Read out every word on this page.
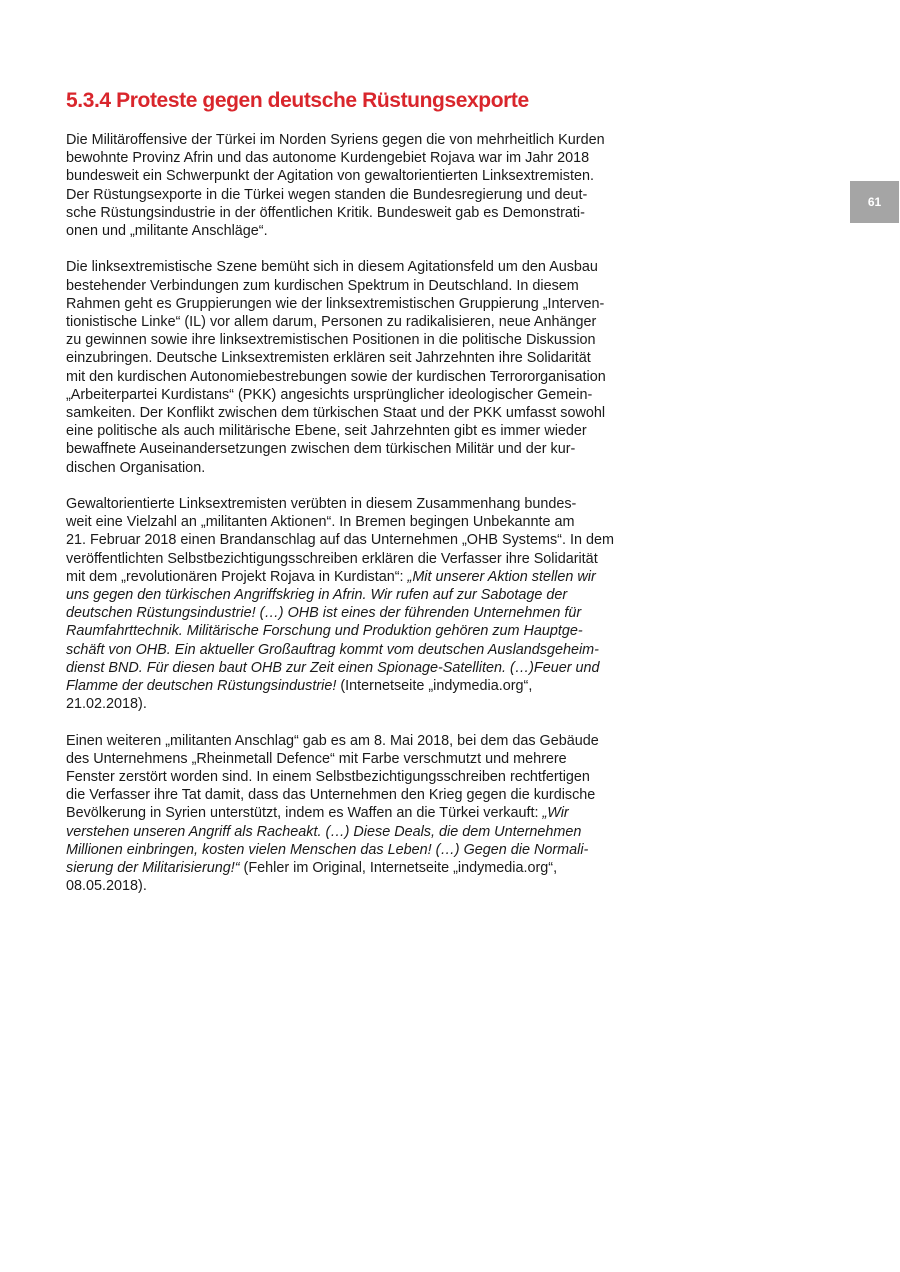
5.3.4 Proteste gegen deutsche Rüstungsexporte

Die Militäroffensive der Türkei im Norden Syriens gegen die von mehrheitlich Kurden
bewohnte Provinz Afrin und das autonome Kurdengebiet Rojava war im Jahr 2018
bundesweit ein Schwerpunkt der Agitation von gewaltorientierten Linksextremisten.
Der Rüstungsexporte in die Türkei wegen standen die Bundesregierung und deut-
sche Rüstungsindustrie in der öffentlichen Kritik. Bundesweit gab es Demonstrati-
onen und „militante Anschläge“.

Die linksextremistische Szene bemüht sich in diesem Agitationsfeld um den Ausbau
bestehender Verbindungen zum kurdischen Spektrum in Deutschland. In diesem
Rahmen geht es Gruppierungen wie der linksextremistischen Gruppierung „Interven-
tionistische Linke“ (IL) vor allem darum, Personen zu radikalisieren, neue Anhänger
zu gewinnen sowie ihre linksextremistischen Positionen in die politische Diskussion
einzubringen. Deutsche Linksextremisten erklären seit Jahrzehnten ihre Solidarität
mit den kurdischen Autonomiebestrebungen sowie der kurdischen Terrororganisation
„Arbeiterpartei Kurdistans“ (PKK) angesichts ursprünglicher ideologischer Gemein-
samkeiten. Der Konflikt zwischen dem türkischen Staat und der PKK umfasst sowohl
eine politische als auch militärische Ebene, seit Jahrzehnten gibt es immer wieder
bewaffnete Auseinandersetzungen zwischen dem türkischen Militär und der kur-
dischen Organisation.

Gewaltorientierte Linksextremisten verübten in diesem Zusammenhang bundes-
weit eine Vielzahl an „militanten Aktionen“. In Bremen begingen Unbekannte am
21. Februar 2018 einen Brandanschlag auf das Unternehmen „OHB Systems“. In dem
veröffentlichten Selbstbezichtigungsschreiben erklären die Verfasser ihre Solidarität
mit dem „revolutionären Projekt Rojava in Kurdistan“: „Mit unserer Aktion stellen wir
uns gegen den türkischen Angriffskrieg in Afrin. Wir rufen auf zur Sabotage der
deutschen Rüstungsindustrie! (…) OHB ist eines der führenden Unternehmen für
Raumfahrttechnik. Militärische Forschung und Produktion gehören zum Hauptge-
schäft von OHB. Ein aktueller Großauftrag kommt vom deutschen Auslandsgeheim-
dienst BND. Für diesen baut OHB zur Zeit einen Spionage-Satelliten. (…)Feuer und
Flamme der deutschen Rüstungsindustrie! (Internetseite „indymedia.org“,
21.02.2018).

Einen weiteren „militanten Anschlag“ gab es am 8. Mai 2018, bei dem das Gebäude
des Unternehmens „Rheinmetall Defence“ mit Farbe verschmutzt und mehrere
Fenster zerstört worden sind. In einem Selbstbezichtigungsschreiben rechtfertigen
die Verfasser ihre Tat damit, dass das Unternehmen den Krieg gegen die kurdische
Bevölkerung in Syrien unterstützt, indem es Waffen an die Türkei verkauft: „Wir
verstehen unseren Angriff als Racheakt. (…) Diese Deals, die dem Unternehmen
Millionen einbringen, kosten vielen Menschen das Leben! (…) Gegen die Normali-
sierung der Militarisierung!“ (Fehler im Original, Internetseite „indymedia.org“,
08.05.2018).

61
